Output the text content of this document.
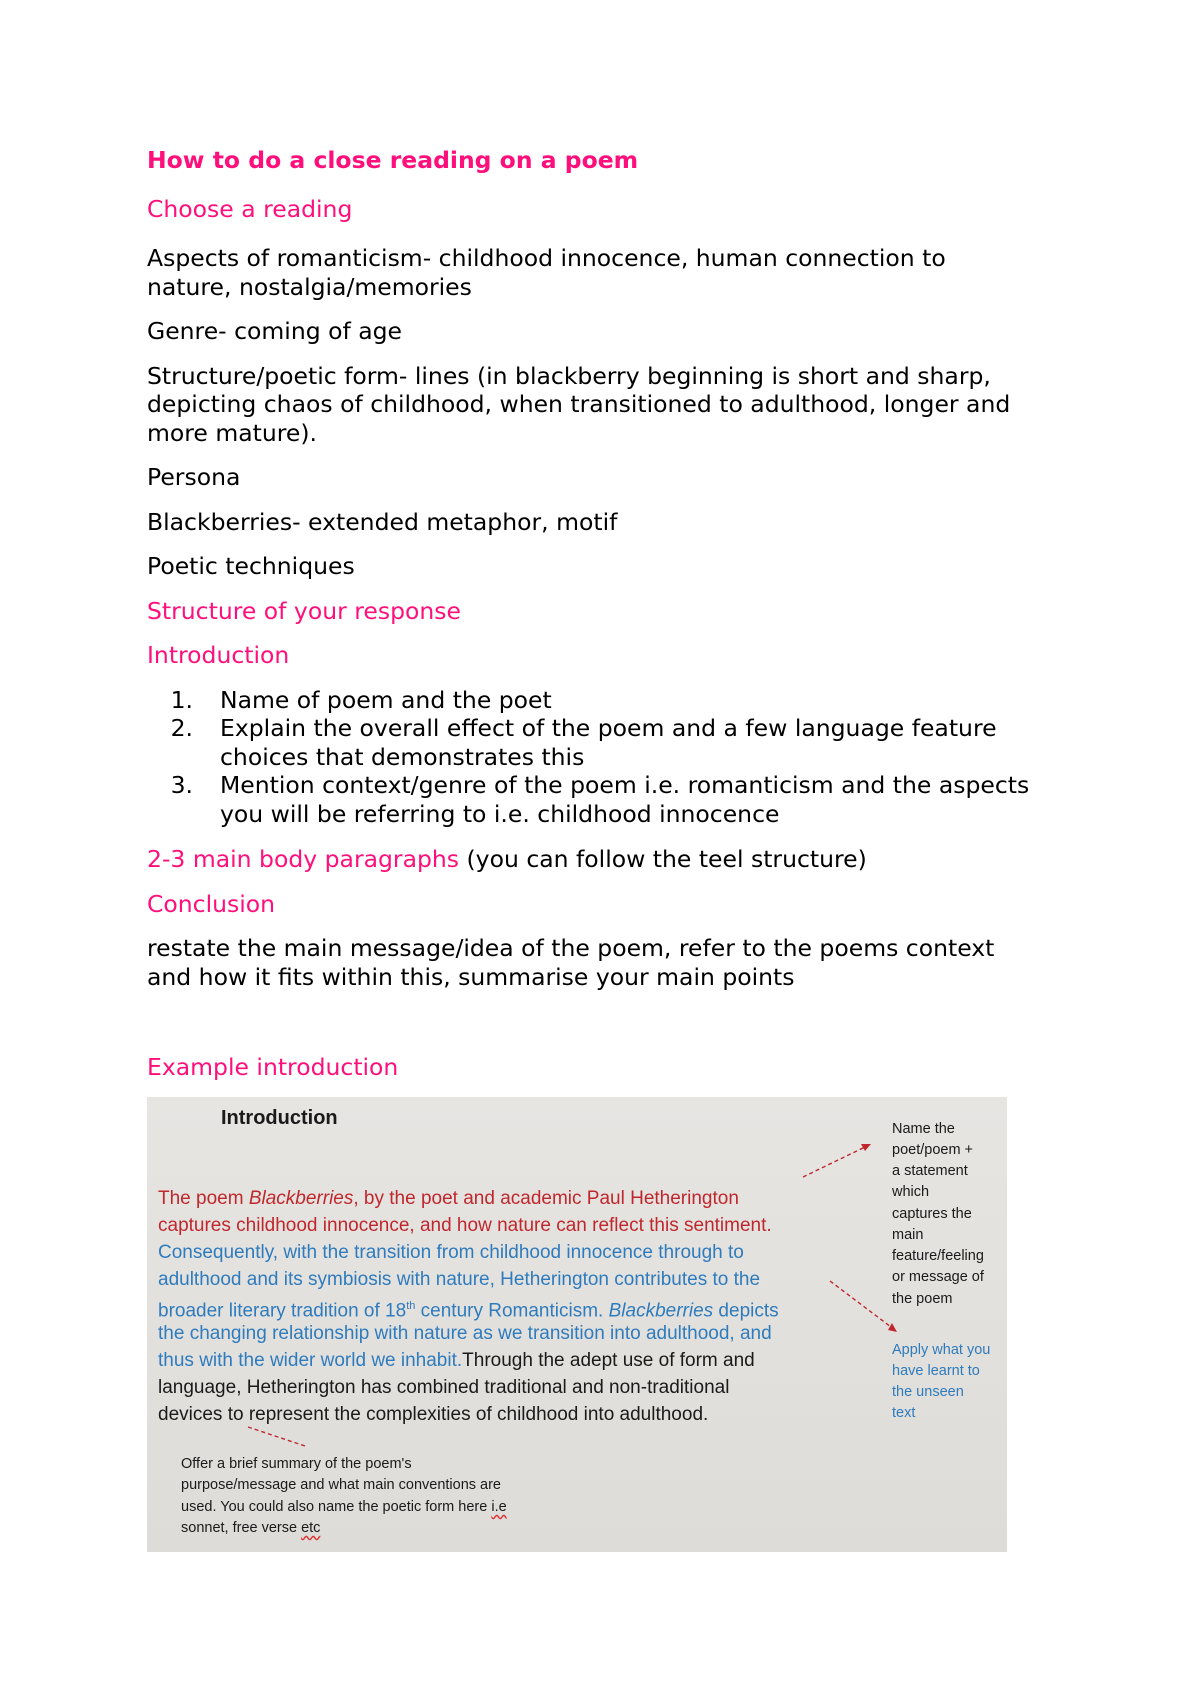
How to do a close reading on a poem
Choose a reading
Aspects of romanticism- childhood innocence, human connection to
nature, nostalgia/memories
Genre- coming of age
Structure/poetic form- lines (in blackberry beginning is short and sharp,
depicting chaos of childhood, when transitioned to adulthood, longer and
more mature).
Persona
Blackberries- extended metaphor, motif
Poetic techniques
Structure of your response
Introduction
1. Name of poem and the poet
2. Explain the overall effect of the poem and a few language feature
choices that demonstrates this
3. Mention context/genre of the poem i.e. romanticism and the aspects
you will be referring to i.e. childhood innocence
2-3 main body paragraphs (you can follow the teel structure)
Conclusion
restate the main message/idea of the poem, refer to the poems context
and how it fits within this, summarise your main points
Example introduction
Introduction
The poem Blackberries, by the poet and academic Paul Hetherington
captures childhood innocence, and how nature can reflect this sentiment.
Consequently, with the transition from childhood innocence through to
adulthood and its symbiosis with nature, Hetherington contributes to the
broader literary tradition of 18th century Romanticism. Blackberries depicts
the changing relationship with nature as we transition into adulthood, and
thus with the wider world we inhabit.Through the adept use of form and
language, Hetherington has combined traditional and non-traditional
devices to represent the complexities of childhood into adulthood.
Name the
poet/poem +
a statement
which
captures the
main
feature/feeling
or message of
the poem
Apply what you
have learnt to
the unseen
text
Offer a brief summary of the poem's
purpose/message and what main conventions are
used. You could also name the poetic form here i.e
sonnet, free verse etc
